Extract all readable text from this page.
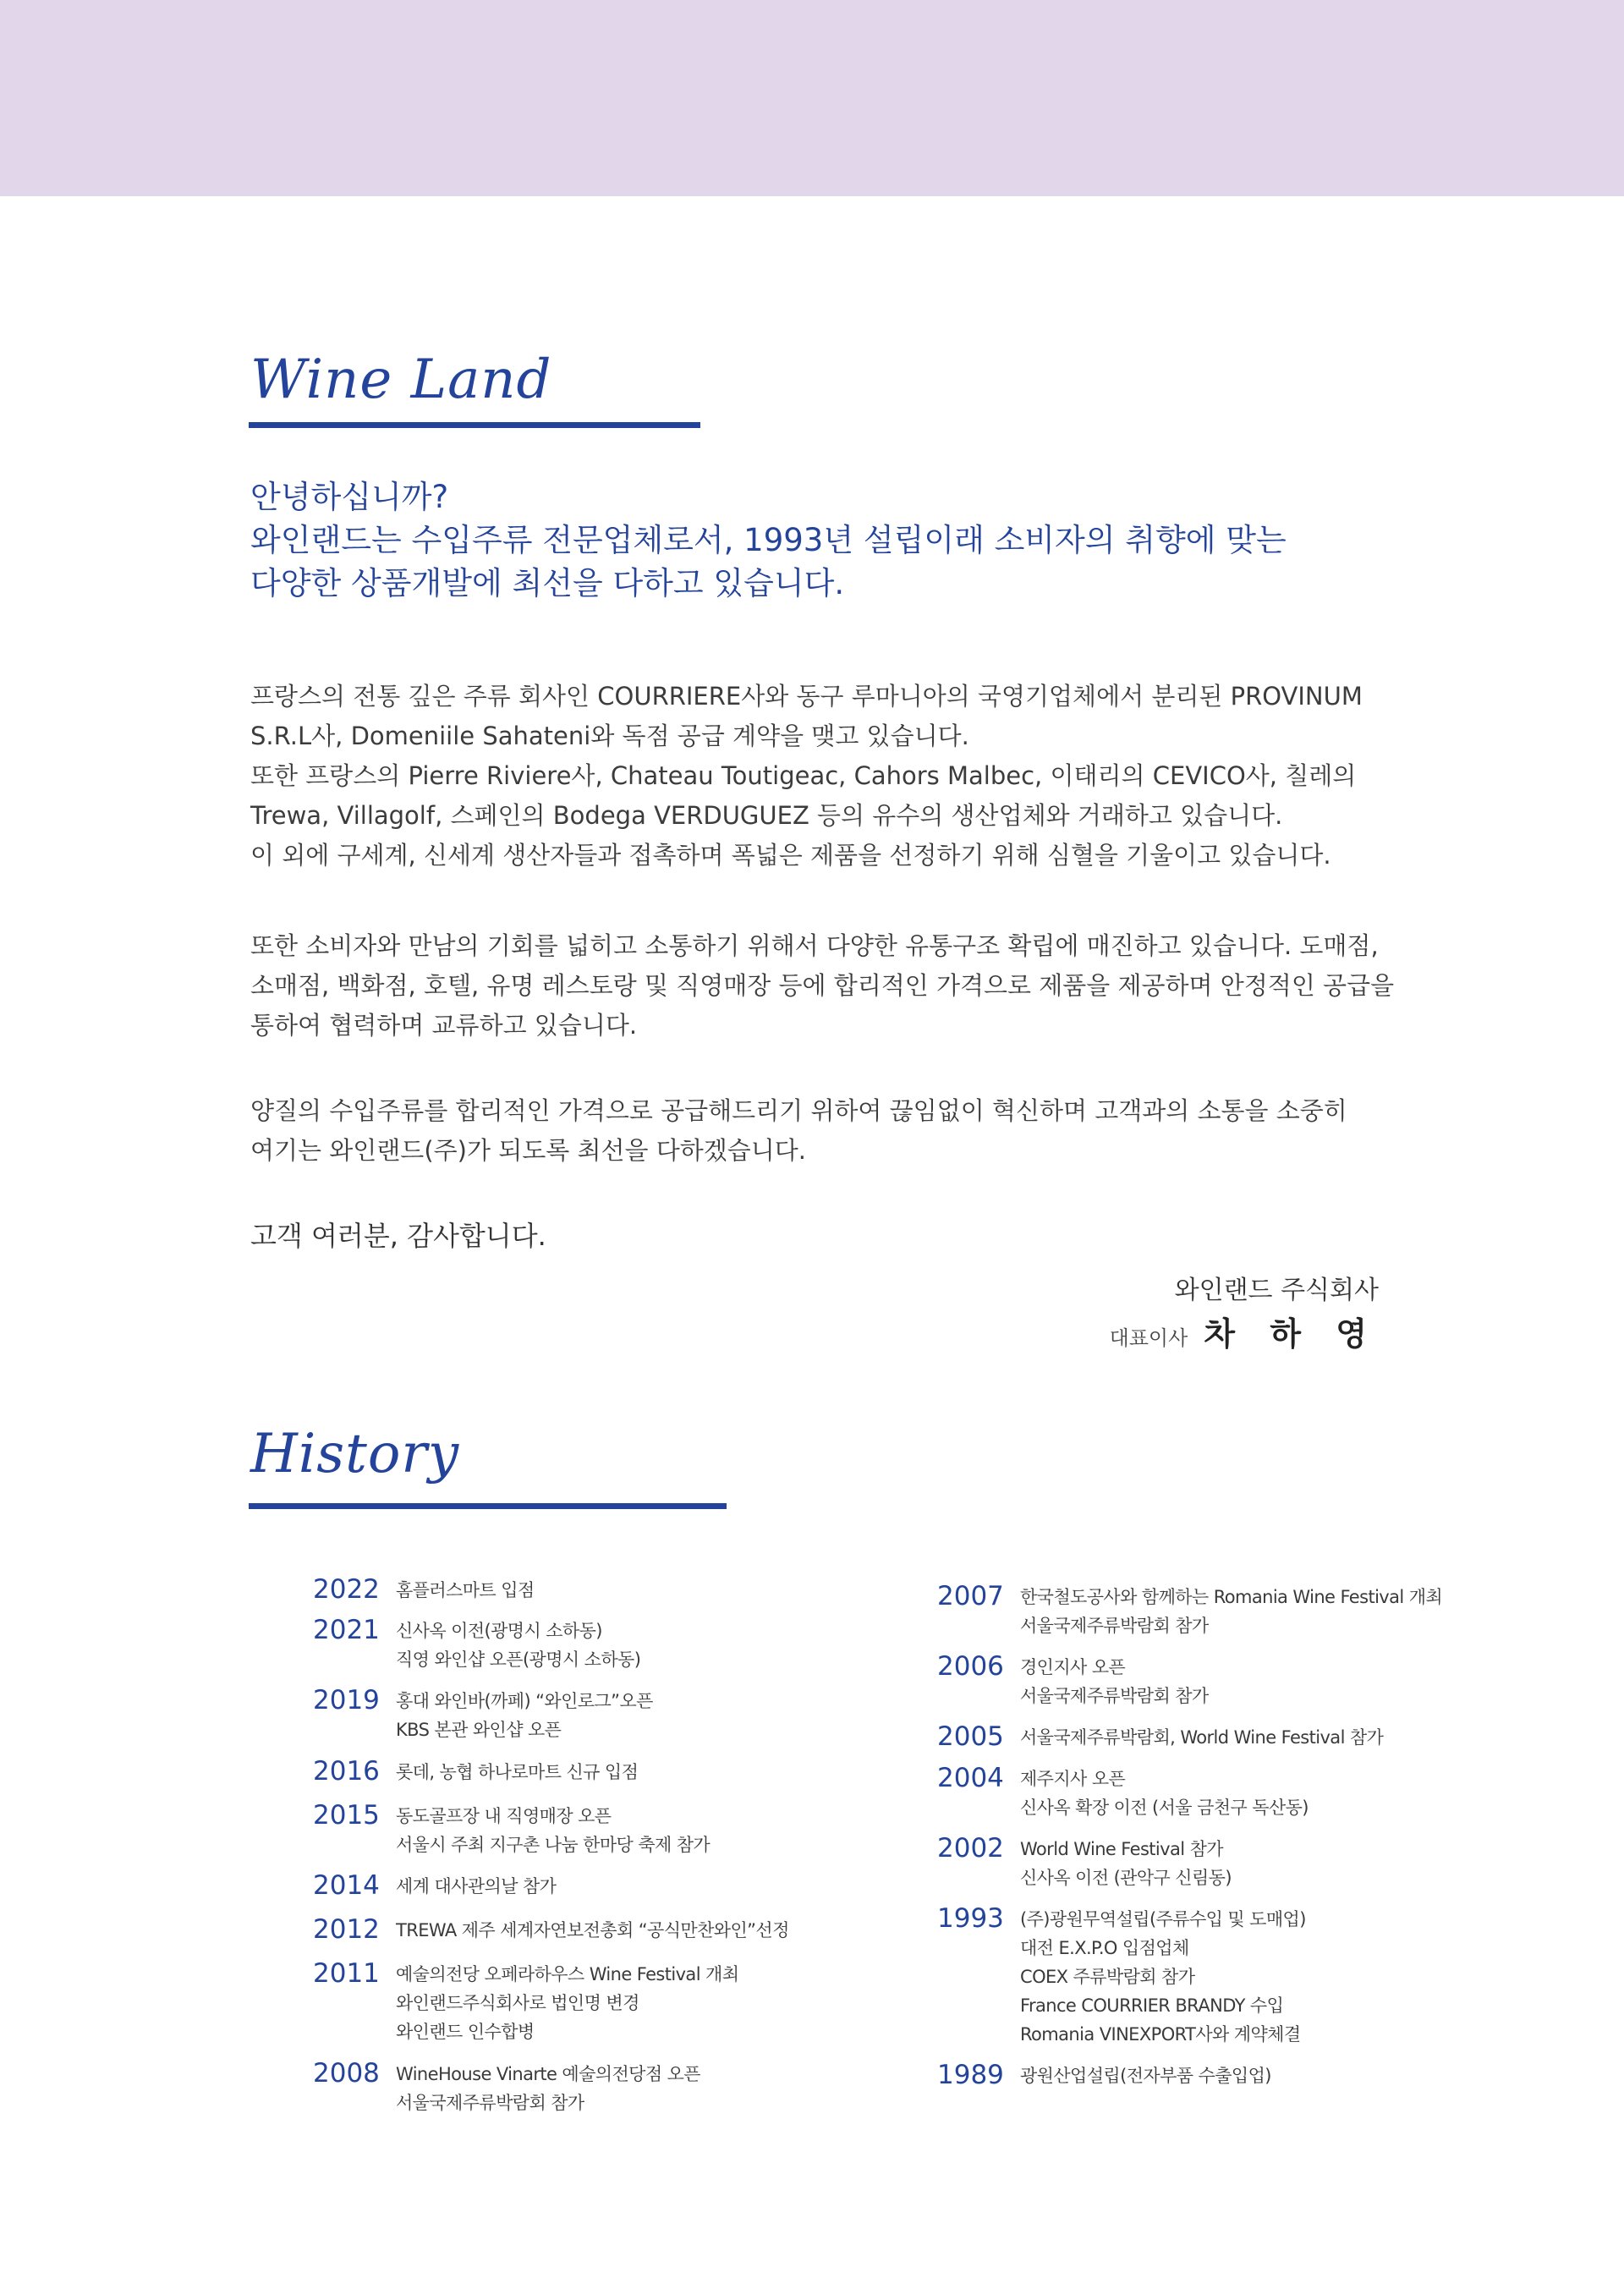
Wine Land
안녕하십니까?
와인랜드는 수입주류 전문업체로서, 1993년 설립이래 소비자의 취향에 맞는
다양한 상품개발에 최선을 다하고 있습니다.
프랑스의 전통 깊은 주류 회사인 COURRIERE사와 동구 루마니아의 국영기업체에서 분리된 PROVINUM
S.R.L사, Domeniile Sahateni와 독점 공급 계약을 맺고 있습니다.
또한 프랑스의 Pierre Riviere사, Chateau Toutigeac, Cahors Malbec, 이태리의 CEVICO사, 칠레의
Trewa, Villagolf, 스페인의 Bodega VERDUGUEZ 등의 유수의 생산업체와 거래하고 있습니다.
이 외에 구세계, 신세계 생산자들과 접촉하며 폭넓은 제품을 선정하기 위해 심혈을 기울이고 있습니다.
또한 소비자와 만남의 기회를 넓히고 소통하기 위해서 다양한 유통구조 확립에 매진하고 있습니다. 도매점,
소매점, 백화점, 호텔, 유명 레스토랑 및 직영매장 등에 합리적인 가격으로 제품을 제공하며 안정적인 공급을
통하여 협력하며 교류하고 있습니다.
양질의 수입주류를 합리적인 가격으로 공급해드리기 위하여 끊임없이 혁신하며 고객과의 소통을 소중히
여기는 와인랜드(주)가 되도록 최선을 다하겠습니다.

고객 여러분, 감사합니다.

와인랜드 주식회사
대표이사 차 하 영
History
2022 홈플러스마트 입점
2021 신사옥 이전(광명시 소하동)
직영 와인샵 오픈(광명시 소하동)
2019 홍대 와인바(까페) “와인로그”오픈
KBS 본관 와인샵 오픈
2016 롯데, 농협 하나로마트 신규 입점
2015 동도골프장 내 직영매장 오픈
서울시 주최 지구촌 나눔 한마당 축제 참가
2014 세계 대사관의날 참가
2012 TREWA 제주 세계자연보전총회 “공식만찬와인”선정
2011 예술의전당 오페라하우스 Wine Festival 개최
와인랜드주식회사로 법인명 변경
와인랜드 인수합병
2008 WineHouse Vinarte 예술의전당점 오픈
서울국제주류박람회 참가
2007 한국철도공사와 함께하는 Romania Wine Festival 개최
서울국제주류박람회 참가
2006 경인지사 오픈
서울국제주류박람회 참가
2005 서울국제주류박람회, World Wine Festival 참가
2004 제주지사 오픈
신사옥 확장 이전 (서울 금천구 독산동)
2002 World Wine Festival 참가
신사옥 이전 (관악구 신림동)
1993 (주)광원무역설립(주류수입 및 도매업)
대전 E.X.P.O 입점업체
COEX 주류박람회 참가
France COURRIER BRANDY 수입
Romania VINEXPORT사와 계약체결
1989 광원산업설립(전자부품 수출입업)
